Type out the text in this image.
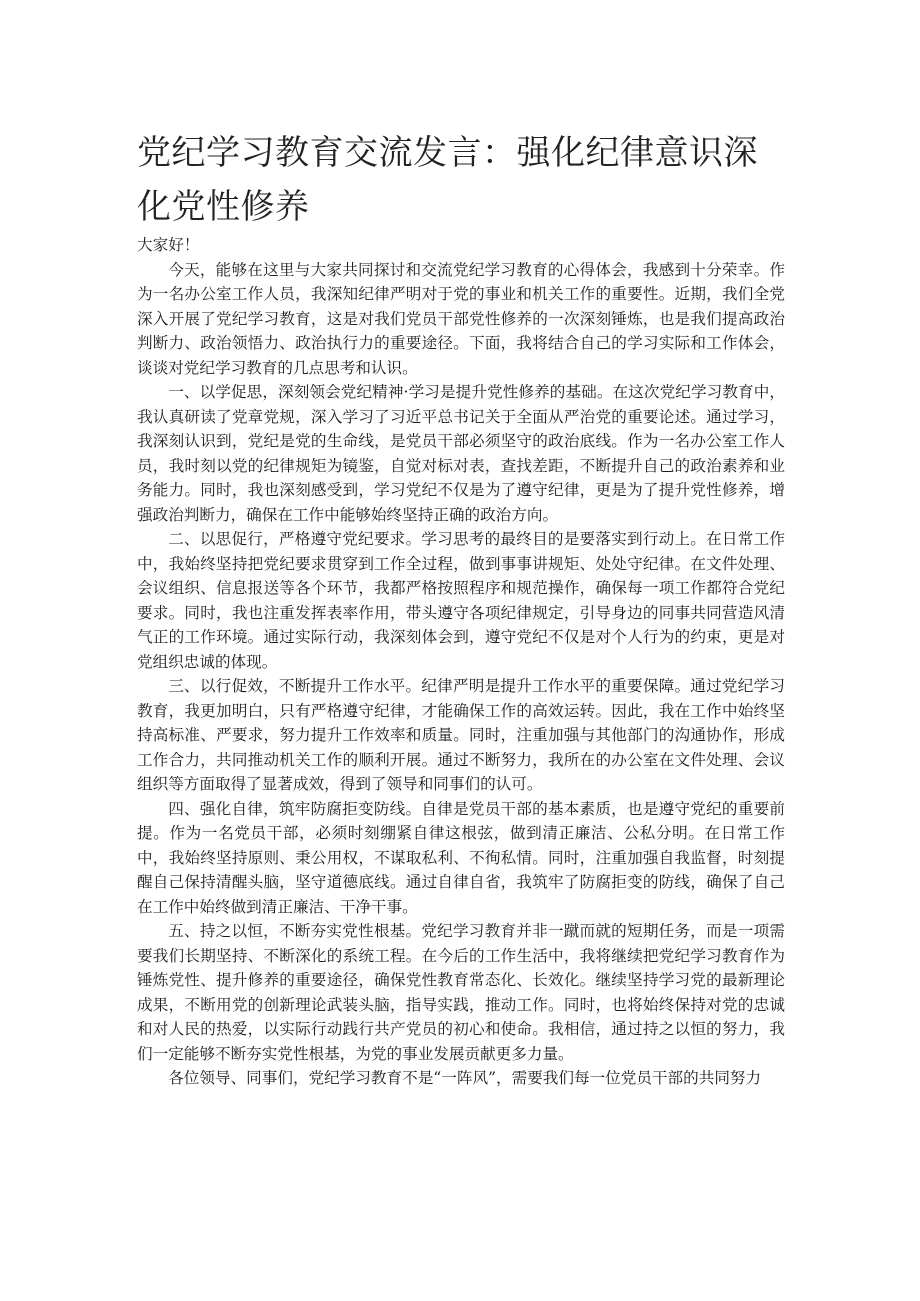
党纪学习教育交流发言：强化纪律意识深化党性修养

大家好！

今天，能够在这里与大家共同探讨和交流党纪学习教育的心得体会，我感到十分荣幸。作为一名办公室工作人员，我深知纪律严明对于党的事业和机关工作的重要性。近期，我们全党深入开展了党纪学习教育，这是对我们党员干部党性修养的一次深刻锤炼，也是我们提高政治判断力、政治领悟力、政治执行力的重要途径。下面，我将结合自己的学习实际和工作体会，谈谈对党纪学习教育的几点思考和认识。

一、以学促思，深刻领会党纪精神·学习是提升党性修养的基础。在这次党纪学习教育中，我认真研读了党章党规，深入学习了习近平总书记关于全面从严治党的重要论述。通过学习，我深刻认识到，党纪是党的生命线，是党员干部必须坚守的政治底线。作为一名办公室工作人员，我时刻以党的纪律规矩为镜鉴，自觉对标对表，查找差距，不断提升自己的政治素养和业务能力。同时，我也深刻感受到，学习党纪不仅是为了遵守纪律，更是为了提升党性修养，增强政治判断力，确保在工作中能够始终坚持正确的政治方向。

二、以思促行，严格遵守党纪要求。学习思考的最终目的是要落实到行动上。在日常工作中，我始终坚持把党纪要求贯穿到工作全过程，做到事事讲规矩、处处守纪律。在文件处理、会议组织、信息报送等各个环节，我都严格按照程序和规范操作，确保每一项工作都符合党纪要求。同时，我也注重发挥表率作用，带头遵守各项纪律规定，引导身边的同事共同营造风清气正的工作环境。通过实际行动，我深刻体会到，遵守党纪不仅是对个人行为的约束，更是对党组织忠诚的体现。

三、以行促效，不断提升工作水平。纪律严明是提升工作水平的重要保障。通过党纪学习教育，我更加明白，只有严格遵守纪律，才能确保工作的高效运转。因此，我在工作中始终坚持高标准、严要求，努力提升工作效率和质量。同时，注重加强与其他部门的沟通协作，形成工作合力，共同推动机关工作的顺利开展。通过不断努力，我所在的办公室在文件处理、会议组织等方面取得了显著成效，得到了领导和同事们的认可。

四、强化自律，筑牢防腐拒变防线。自律是党员干部的基本素质，也是遵守党纪的重要前提。作为一名党员干部，必须时刻绷紧自律这根弦，做到清正廉洁、公私分明。在日常工作中，我始终坚持原则、秉公用权，不谋取私利、不徇私情。同时，注重加强自我监督，时刻提醒自己保持清醒头脑，坚守道德底线。通过自律自省，我筑牢了防腐拒变的防线，确保了自己在工作中始终做到清正廉洁、干净干事。

五、持之以恒，不断夯实党性根基。党纪学习教育并非一蹴而就的短期任务，而是一项需要我们长期坚持、不断深化的系统工程。在今后的工作生活中，我将继续把党纪学习教育作为锤炼党性、提升修养的重要途径，确保党性教育常态化、长效化。继续坚持学习党的最新理论成果，不断用党的创新理论武装头脑，指导实践，推动工作。同时，也将始终保持对党的忠诚和对人民的热爱，以实际行动践行共产党员的初心和使命。我相信，通过持之以恒的努力，我们一定能够不断夯实党性根基，为党的事业发展贡献更多力量。

各位领导、同事们，党纪学习教育不是“一阵风”，需要我们每一位党员干部的共同努力
